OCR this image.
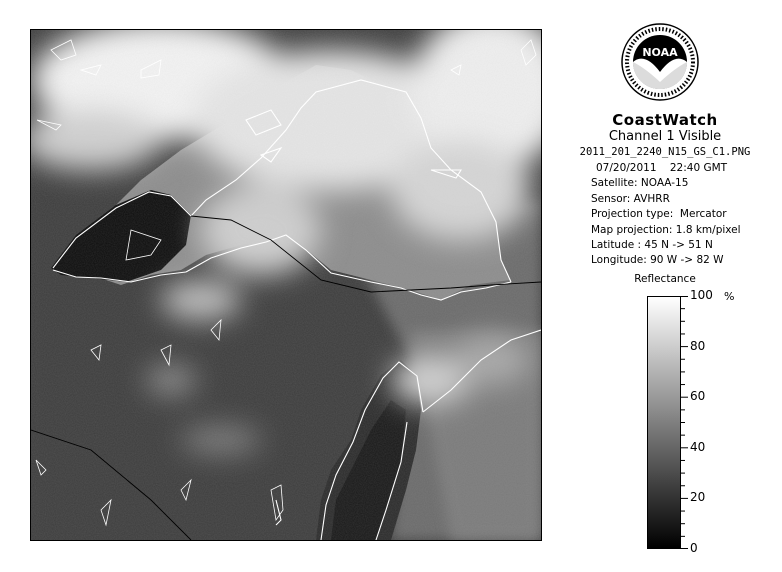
NOAA
CoastWatch
Channel 1 Visible
2011_201_2240_N15_GS_C1.PNG
07/20/2011    22:40 GMT
Satellite: NOAA-15
Sensor: AVHRR
Projection type:  Mercator
Map projection: 1.8 km/pixel
Latitude : 45 N -> 51 N
Longitude: 90 W -> 82 W
Reflectance
100
80
60
40
20
0
%
